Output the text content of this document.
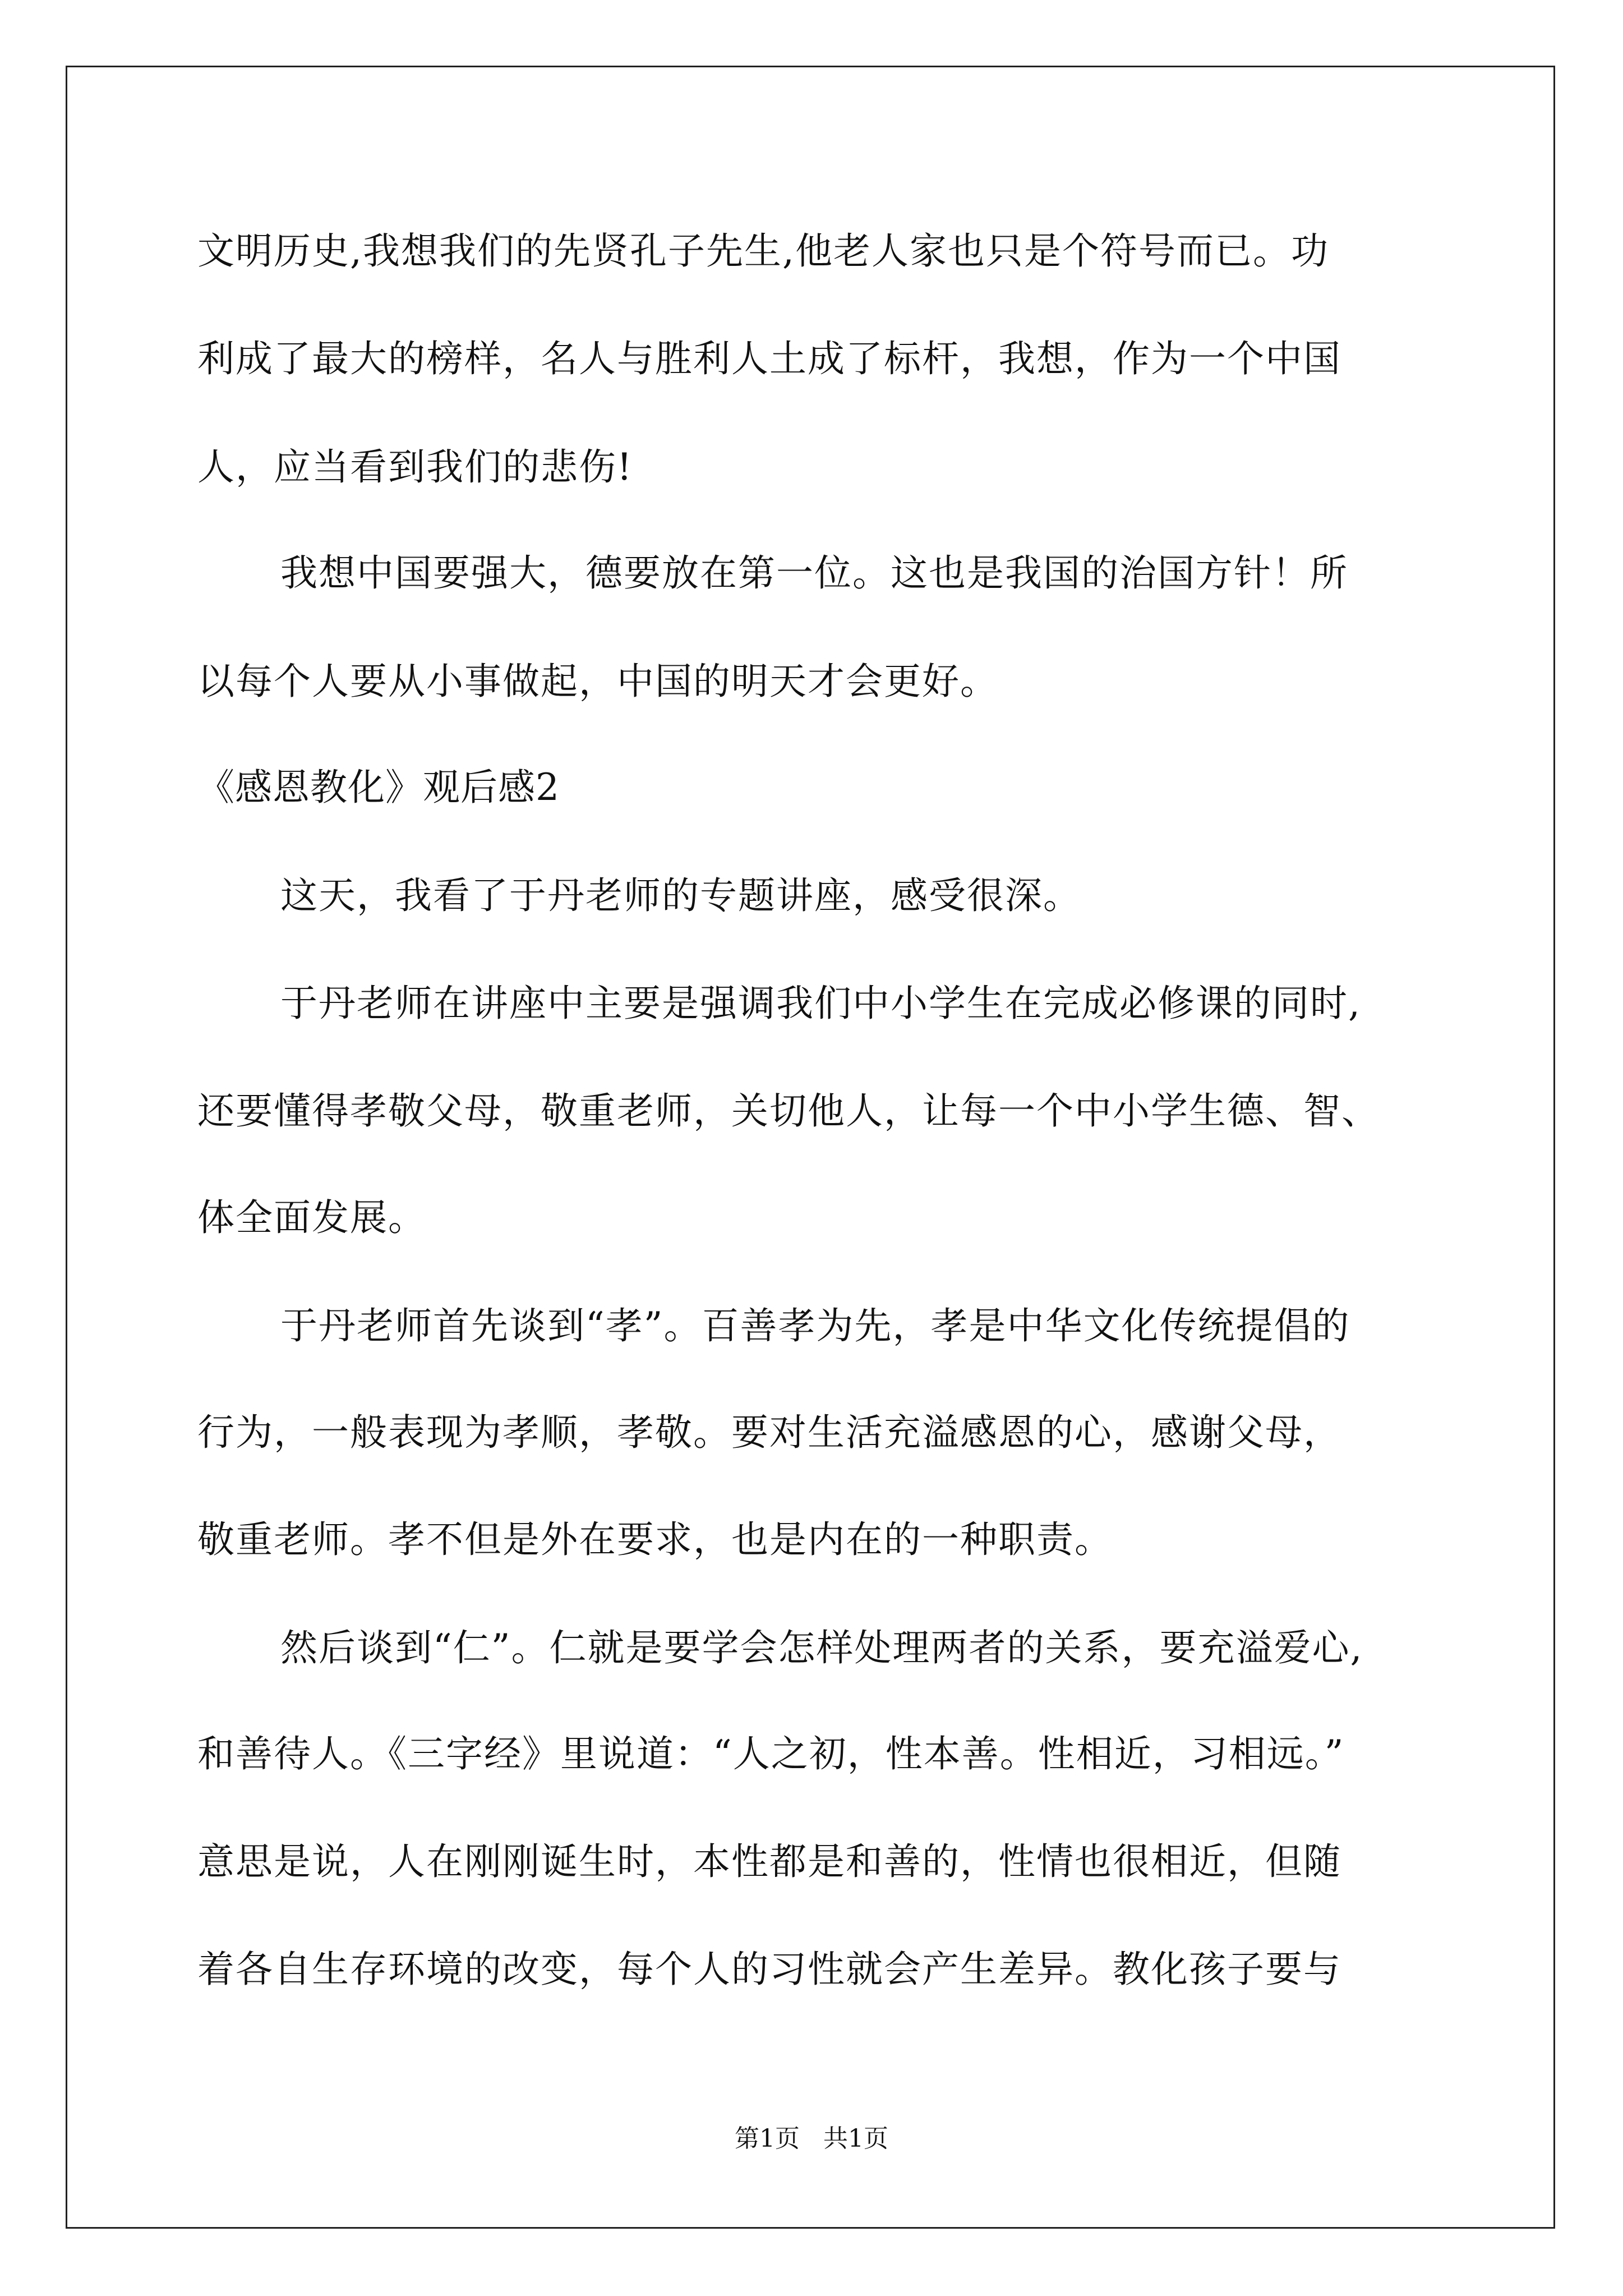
文明历史,我想我们的先贤孔子先生,他老人家也只是个符号而已。功
利成了最大的榜样，名人与胜利人土成了标杆，我想，作为一个中国
人，应当看到我们的悲伤!
我想中国要强大，德要放在第一位。这也是我国的治国方针！所
以每个人要从小事做起，中国的明天才会更好。
《感恩教化》观后感2
这天，我看了于丹老师的专题讲座，感受很深。
于丹老师在讲座中主要是强调我们中小学生在完成必修课的同时,
还要懂得孝敬父母，敬重老师，关切他人，让每一个中小学生德、智、
体全面发展。
于丹老师首先谈到“孝”。百善孝为先，孝是中华文化传统提倡的
行为，一般表现为孝顺，孝敬。要对生活充溢感恩的心，感谢父母，
敬重老师。孝不但是外在要求，也是内在的一种职责。
然后谈到“仁”。仁就是要学会怎样处理两者的关系，要充溢爱心,
和善待人。《三字经》里说道：“人之初，性本善。性相近，习相远。”
意思是说，人在刚刚诞生时，本性都是和善的，性情也很相近，但随
着各自生存环境的改变，每个人的习性就会产生差异。教化孩子要与
第1页   共1页
